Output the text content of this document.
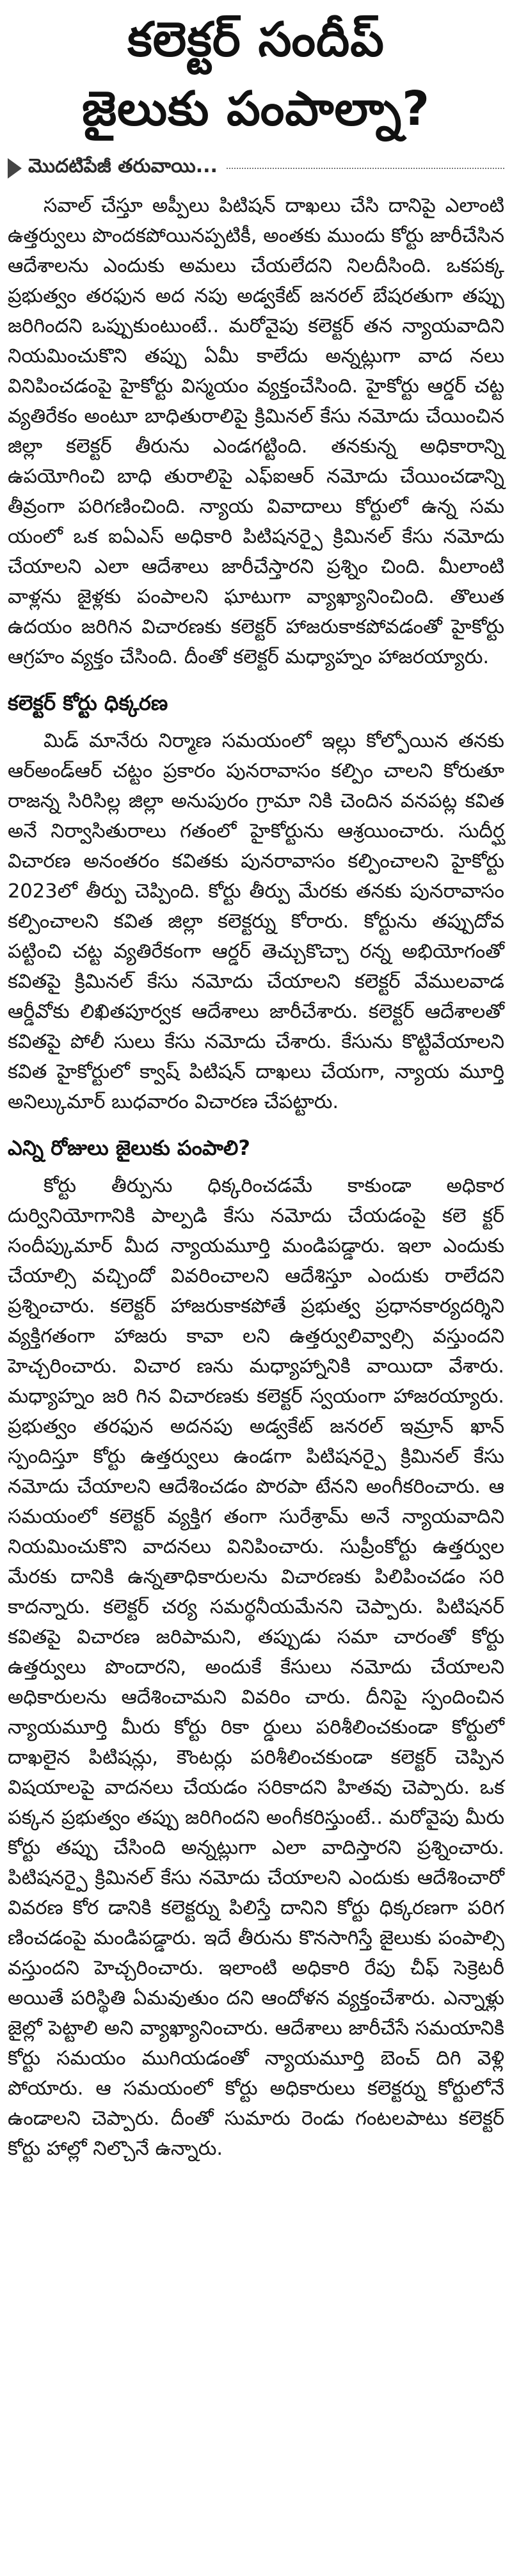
కలెక్టర్ సందీప్
జైలుకు పంపాల్నా?
మొదటిపేజీ తరువాయి...

సవాల్ చేస్తూ అప్పీలు పిటిషన్ దాఖలు చేసి దానిపై ఎలాంటి ఉత్తర్వులు పొందకపోయినప్పటికీ, అంతకు ముందు కోర్టు జారీచేసిన ఆదేశాలను ఎందుకు అమలు చేయలేదని నిలదీసింది. ఒకపక్క ప్రభుత్వం తరఫున అద నపు అడ్వకేట్ జనరల్ బేషరతుగా తప్పు జరిగిందని ఒప్పుకుంటుంటే.. మరోవైపు కలెక్టర్ తన న్యాయవాదిని నియమించుకొని తప్పు ఏమీ కాలేదు అన్నట్లుగా వాద నలు వినిపించడంపై హైకోర్టు విస్మయం వ్యక్తంచేసింది. హైకోర్టు ఆర్డర్ చట్ట వ్యతిరేకం అంటూ బాధితురాలిపై క్రిమినల్ కేసు నమోదు చేయించిన జిల్లా కలెక్టర్ తీరును ఎండగట్టింది. తనకున్న అధికారాన్ని ఉపయోగించి బాధి తురాలిపై ఎఫ్ఐఆర్ నమోదు చేయించడాన్ని తీవ్రంగా పరిగణించింది. న్యాయ వివాదాలు కోర్టులో ఉన్న సమ యంలో ఒక ఐఏఎస్ అధికారి పిటిషనర్పై క్రిమినల్ కేసు నమోదు చేయాలని ఎలా ఆదేశాలు జారీచేస్తారని ప్రశ్నిం చింది. మీలాంటి వాళ్లను జైళ్లకు పంపాలని ఘాటుగా వ్యాఖ్యానించింది. తొలుత ఉదయం జరిగిన విచారణకు కలెక్టర్ హాజరుకాకపోవడంతో హైకోర్టు ఆగ్రహం వ్యక్తం చేసింది. దీంతో కలెక్టర్ మధ్యాహ్నం హాజరయ్యారు.

కలెక్టర్ కోర్టు ధిక్కరణ

మిడ్ మానేరు నిర్మాణ సమయంలో ఇల్లు కోల్పోయిన తనకు ఆర్అండ్ఆర్ చట్టం ప్రకారం పునరావాసం కల్పిం చాలని కోరుతూ రాజన్న సిరిసిల్ల జిల్లా అనుపురం గ్రామా నికి చెందిన వనపట్ల కవిత అనే నిర్వాసితురాలు గతంలో హైకోర్టును ఆశ్రయించారు. సుదీర్ఘ విచారణ అనంతరం కవితకు పునరావాసం కల్పించాలని హైకోర్టు 2023లో తీర్పు చెప్పింది. కోర్టు తీర్పు మేరకు తనకు పునరావాసం కల్పించాలని కవిత జిల్లా కలెక్టర్ను కోరారు. కోర్టును తప్పుదోవ పట్టించి చట్ట వ్యతిరేకంగా ఆర్డర్ తెచ్చుకొచ్చా రన్న అభియోగంతో కవితపై క్రిమినల్ కేసు నమోదు చేయాలని కలెక్టర్ వేములవాడ ఆర్డీవోకు లిఖితపూర్వక ఆదేశాలు జారీచేశారు. కలెక్టర్ ఆదేశాలతో కవితపై పోలీ సులు కేసు నమోదు చేశారు. కేసును కొట్టివేయాలని కవిత హైకోర్టులో క్వాష్ పిటిషన్ దాఖలు చేయగా, న్యాయ మూర్తి అనిల్కుమార్ బుధవారం విచారణ చేపట్టారు.

ఎన్ని రోజులు జైలుకు పంపాలి?

కోర్టు తీర్పును ధిక్కరించడమే కాకుండా అధికార దుర్వినియోగానికి పాల్పడి కేసు నమోదు చేయడంపై కలె క్టర్ సందీప్కుమార్ మీద న్యాయమూర్తి మండిపడ్డారు. ఇలా ఎందుకు చేయాల్సి వచ్చిందో వివరించాలని ఆదేశిస్తూ ఎందుకు రాలేదని ప్రశ్నించారు. కలెక్టర్ హాజరుకాకపోతే ప్రభుత్వ ప్రధానకార్యదర్శిని వ్యక్తిగతంగా హాజరు కావా లని ఉత్తర్వులివ్వాల్సి వస్తుందని హెచ్చరించారు. విచార ణను మధ్యాహ్నానికి వాయిదా వేశారు. మధ్యాహ్నం జరి గిన విచారణకు కలెక్టర్ స్వయంగా హాజరయ్యారు. ప్రభుత్వం తరఫున అదనపు అడ్వకేట్ జనరల్ ఇమ్రాన్ ఖాన్ స్పందిస్తూ కోర్టు ఉత్తర్వులు ఉండగా పిటిషనర్పై క్రిమినల్ కేసు నమోదు చేయాలని ఆదేశించడం పొరపా టేనని అంగీకరించారు. ఆ సమయంలో కలెక్టర్ వ్యక్తిగ తంగా సురేశ్రామ్ అనే న్యాయవాదిని నియమించుకొని వాదనలు వినిపించారు. సుప్రీంకోర్టు ఉత్తర్వుల మేరకు దానికి ఉన్నతాధికారులను విచారణకు పిలిపించడం సరి కాదన్నారు. కలెక్టర్ చర్య సమర్థనీయమేనని చెప్పారు. పిటిషనర్ కవితపై విచారణ జరిపామని, తప్పుడు సమా చారంతో కోర్టు ఉత్తర్వులు పొందారని, అందుకే కేసులు నమోదు చేయాలని అధికారులను ఆదేశించామని వివరిం చారు. దీనిపై స్పందించిన న్యాయమూర్తి మీరు కోర్టు రికా ర్డులు పరిశీలించకుండా కోర్టులో దాఖలైన పిటిషన్లు, కౌంటర్లు పరిశీలించకుండా కలెక్టర్ చెప్పిన విషయాలపై వాదనలు చేయడం సరికాదని హితవు చెప్పారు. ఒక పక్కన ప్రభుత్వం తప్పు జరిగిందని అంగీకరిస్తుంటే.. మరోవైపు మీరు కోర్టు తప్పు చేసింది అన్నట్లుగా ఎలా వాదిస్తారని ప్రశ్నించారు. పిటిషనర్పై క్రిమినల్ కేసు నమోదు చేయాలని ఎందుకు ఆదేశించారో వివరణ కోర డానికి కలెక్టర్ను పిలిస్తే దానిని కోర్టు ధిక్కరణగా పరిగ ణించడంపై మండిపడ్డారు. ఇదే తీరును కొనసాగిస్తే జైలుకు పంపాల్సి వస్తుందని హెచ్చరించారు. ఇలాంటి అధికారి రేపు చీఫ్ సెక్రెటరీ అయితే పరిస్థితి ఏమవుతుం దని ఆందోళన వ్యక్తంచేశారు. ఎన్నాళ్లు జైల్లో పెట్టాలి అని వ్యాఖ్యానించారు. ఆదేశాలు జారీచేసే సమయానికి కోర్టు సమయం ముగియడంతో న్యాయమూర్తి బెంచ్ దిగి వెళ్లి పోయారు. ఆ సమయంలో కోర్టు అధికారులు కలెక్టర్ను కోర్టులోనే ఉండాలని చెప్పారు. దీంతో సుమారు రెండు గంటలపాటు కలెక్టర్ కోర్టు హాల్లో నిల్చొనే ఉన్నారు.
